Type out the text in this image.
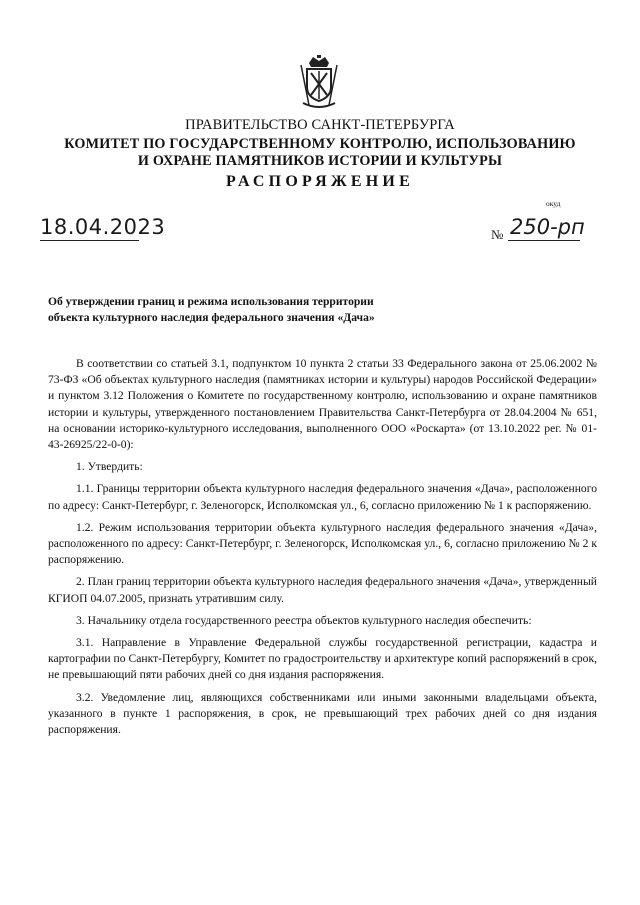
ПРАВИТЕЛЬСТВО САНКТ-ПЕТЕРБУРГА
КОМИТЕТ ПО ГОСУДАРСТВЕННОМУ КОНТРОЛЮ, ИСПОЛЬЗОВАНИЮ
И ОХРАНЕ ПАМЯТНИКОВ ИСТОРИИ И КУЛЬТУРЫ
РАСПОРЯЖЕНИЕ
окуд
18.04.2023	№ 250-рп
Об утверждении границ и режима использования территории
объекта культурного наследия федерального значения «Дача»

В соответствии со статьей 3.1, подпунктом 10 пункта 2 статьи 33 Федерального закона от 25.06.2002 № 73-ФЗ «Об объектах культурного наследия (памятниках истории и культуры) народов Российской Федерации» и пунктом 3.12 Положения о Комитете по государственному контролю, использованию и охране памятников истории и культуры, утвержденного постановлением Правительства Санкт-Петербурга от 28.04.2004 № 651, на основании историко-культурного исследования, выполненного ООО «Роскарта» (от 13.10.2022 рег. № 01-43-26925/22-0-0):

1. Утвердить:

1.1. Границы территории объекта культурного наследия федерального значения «Дача», расположенного по адресу: Санкт-Петербург, г. Зеленогорск, Исполкомская ул., 6, согласно приложению № 1 к распоряжению.

1.2. Режим использования территории объекта культурного наследия федерального значения «Дача», расположенного по адресу: Санкт-Петербург, г. Зеленогорск, Исполкомская ул., 6, согласно приложению № 2 к распоряжению.

2. План границ территории объекта культурного наследия федерального значения «Дача», утвержденный КГИОП 04.07.2005, признать утратившим силу.

3. Начальнику отдела государственного реестра объектов культурного наследия обеспечить:

3.1. Направление в Управление Федеральной службы государственной регистрации, кадастра и картографии по Санкт-Петербургу, Комитет по градостроительству и архитектуре копий распоряжений в срок, не превышающий пяти рабочих дней со дня издания распоряжения.

3.2. Уведомление лиц, являющихся собственниками или иными законными владельцами объекта, указанного в пункте 1 распоряжения, в срок, не превышающий трех рабочих дней со дня издания распоряжения.
